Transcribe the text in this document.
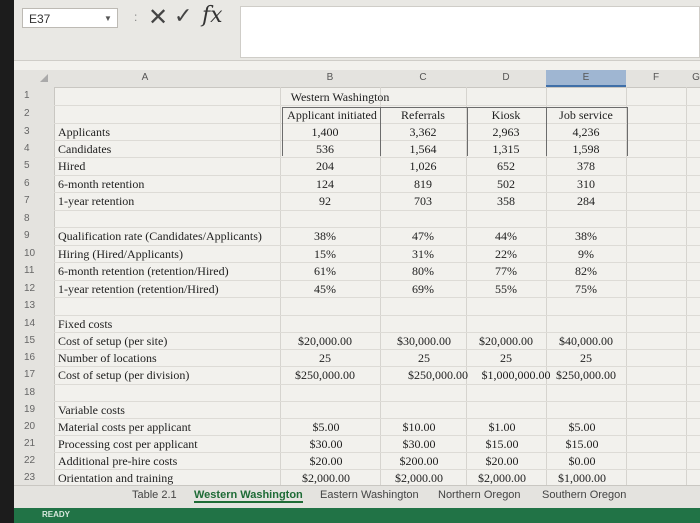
E37	▼ : ✕ ✓ fx
A	B	C	D	E	F	G
1
2
3
4
5
6
7
8
9
10
11
12
13
14
15
16
17
18
19
20
21
22
23
Western Washington
Applicant initiated	Referrals	Kiosk	Job service
Applicants	1,400	3,362	2,963	4,236
Candidates	536	1,564	1,315	1,598
Hired	204	1,026	652	378
6-month retention	124	819	502	310
1-year retention	92	703	358	284
Qualification rate (Candidates/Applicants)	38%	47%	44%	38%
Hiring (Hired/Applicants)	15%	31%	22%	9%
6-month retention (retention/Hired)	61%	80%	77%	82%
1-year retention (retention/Hired)	45%	69%	55%	75%
Fixed costs
Cost of setup (per site)	$20,000.00	$30,000.00	$20,000.00	$40,000.00
Number of locations	25	25	25	25
Cost of setup (per division)	$250,000.00	$250,000.00	$1,000,000.00 $250,000.00
Variable costs
Material costs per applicant	$5.00	$10.00	$1.00	$5.00
Processing cost per applicant	$30.00	$30.00	$15.00	$15.00
Additional pre-hire costs	$20.00	$200.00	$20.00	$0.00
Orientation and training	$2,000.00	$2,000.00	$2,000.00	$1,000.00
Table 2.1 Western Washington Eastern Washington Northern Oregon Southern Oregon
READY
